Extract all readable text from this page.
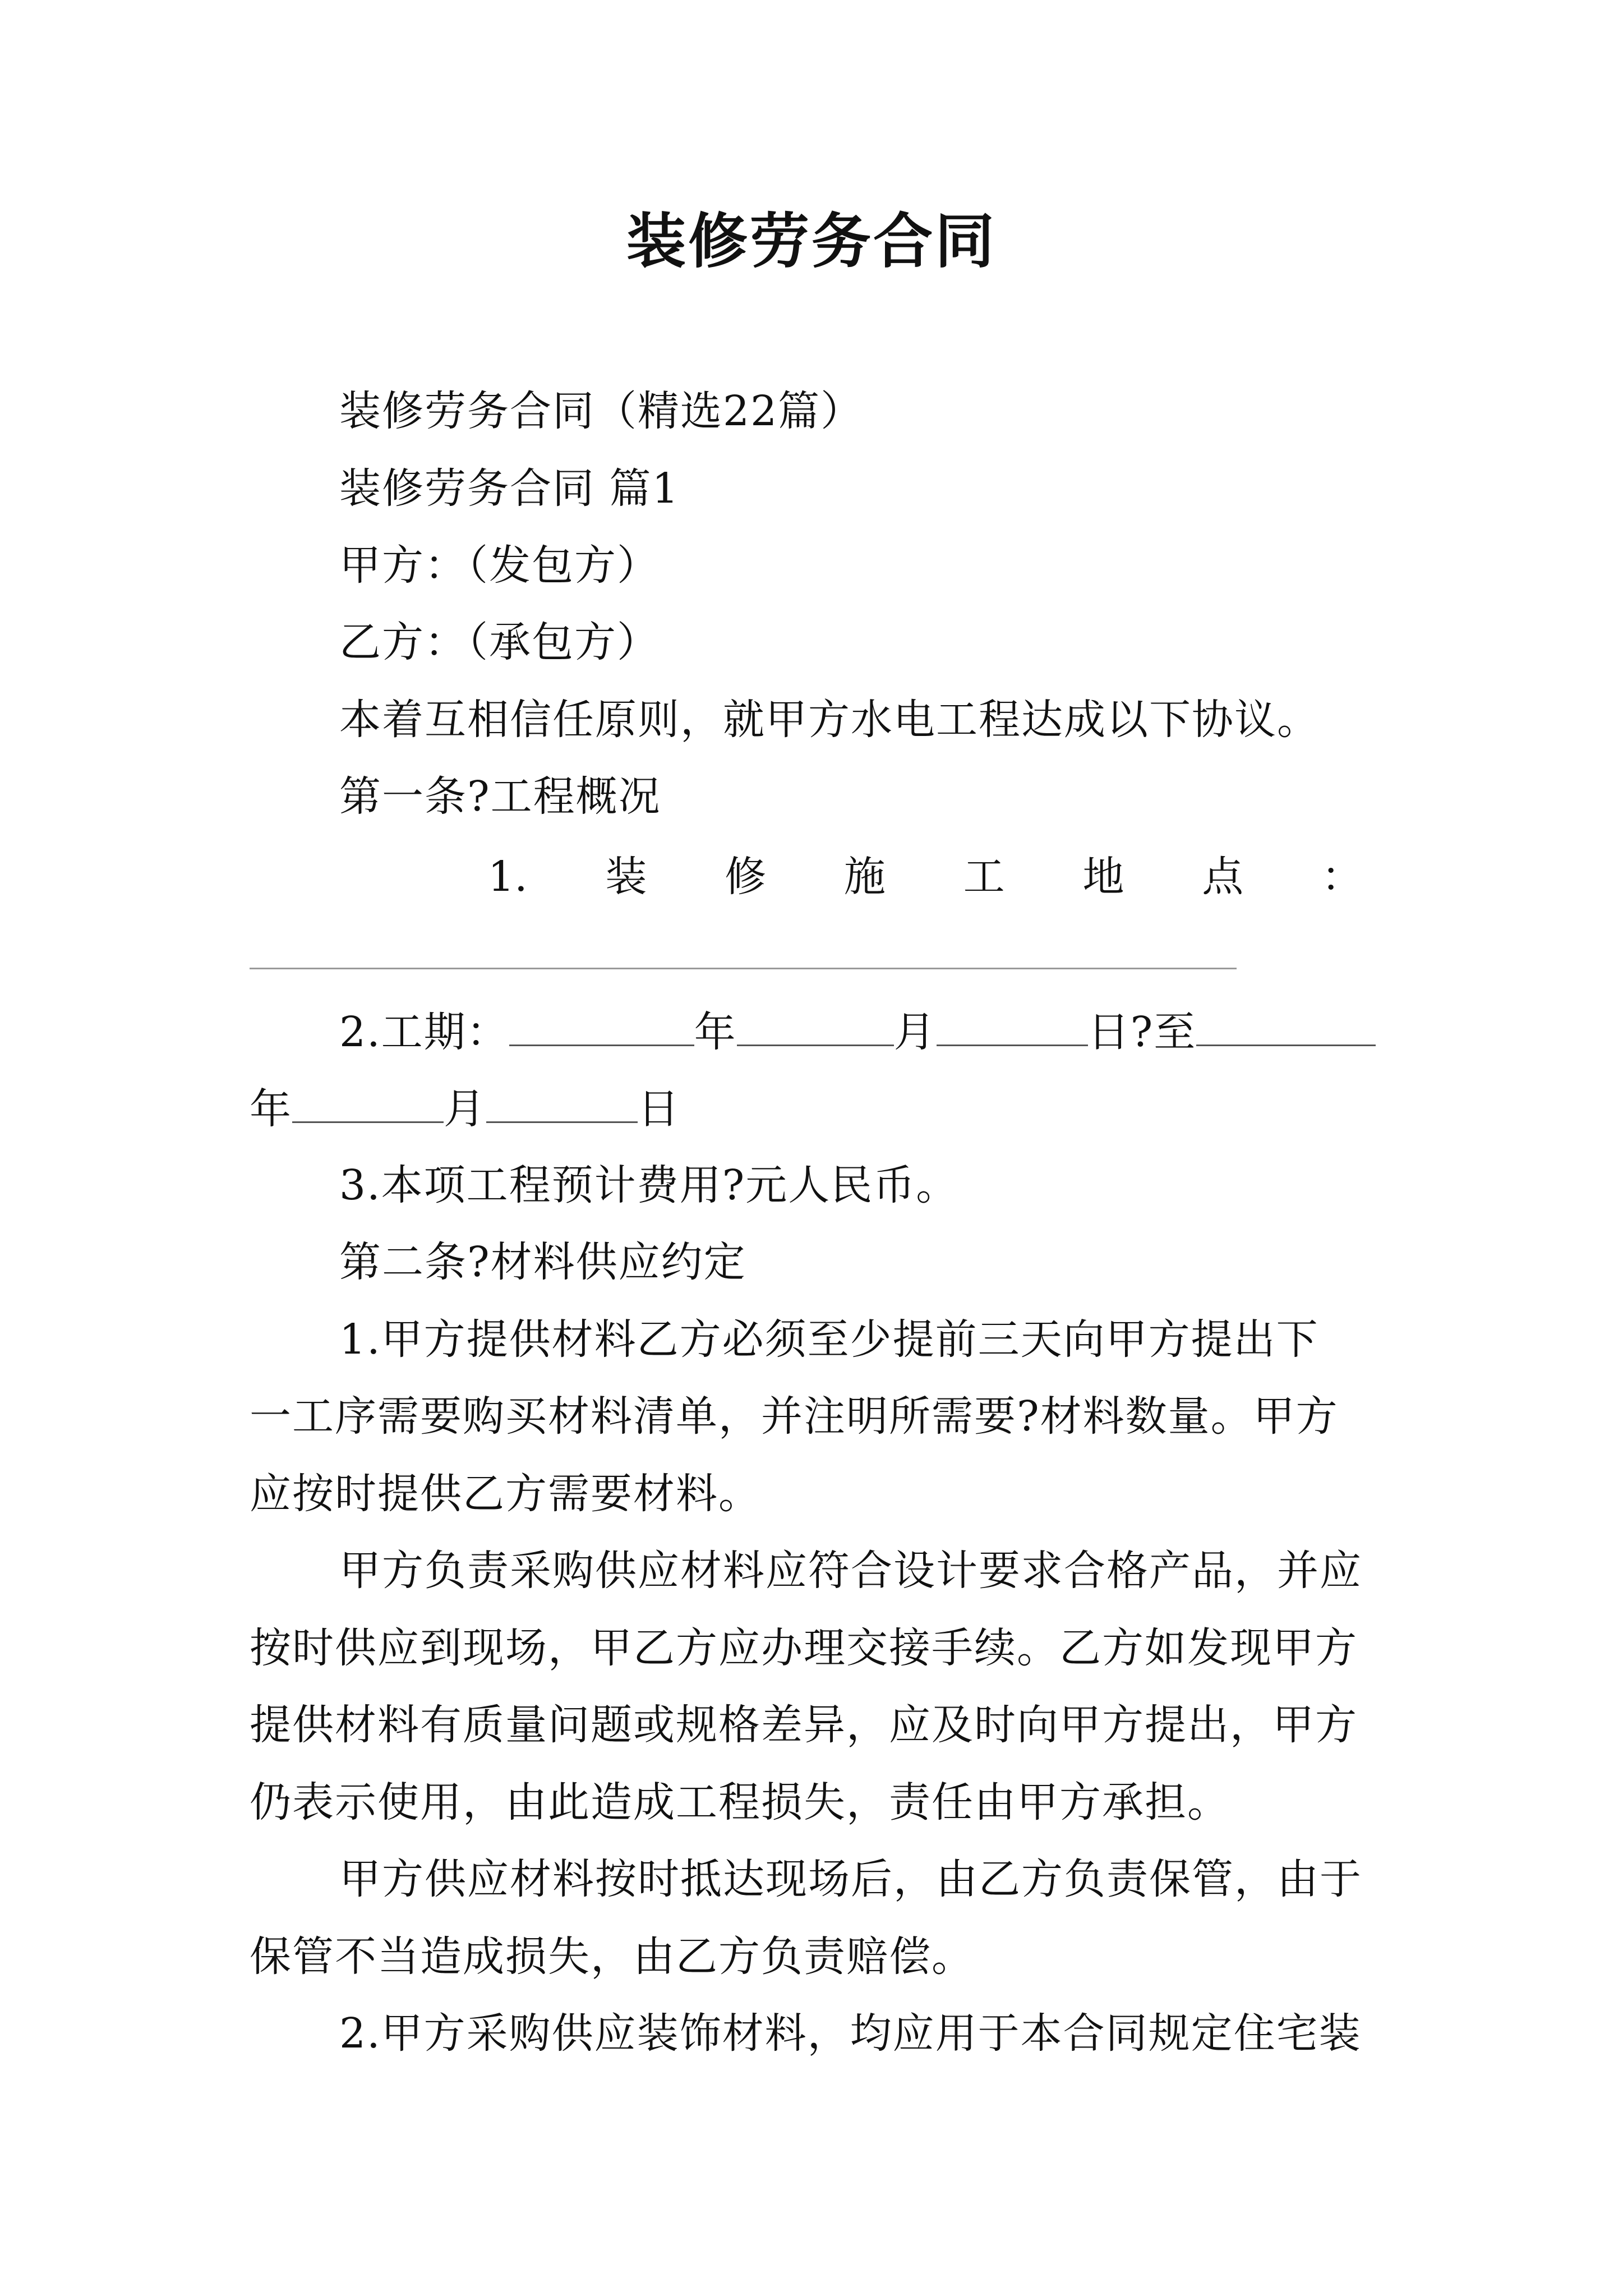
装修劳务合同
装修劳务合同（精选22篇）
装修劳务合同 篇1
甲方：（发包方）
乙方：（承包方）
本着互相信任原则，就甲方水电工程达成以下协议。
第一条?工程概况
1. 装 修 施 工 地 点 ：
2.工期：	年	月	日?至
年	月	日
3.本项工程预计费用?元人民币。
第二条?材料供应约定
1.甲方提供材料乙方必须至少提前三天向甲方提出下
一工序需要购买材料清单，并注明所需要?材料数量。甲方
应按时提供乙方需要材料。
甲方负责采购供应材料应符合设计要求合格产品，并应
按时供应到现场，甲乙方应办理交接手续。乙方如发现甲方
提供材料有质量问题或规格差异，应及时向甲方提出，甲方
仍表示使用，由此造成工程损失，责任由甲方承担。
甲方供应材料按时抵达现场后，由乙方负责保管，由于
保管不当造成损失，由乙方负责赔偿。
2.甲方采购供应装饰材料，均应用于本合同规定住宅装
